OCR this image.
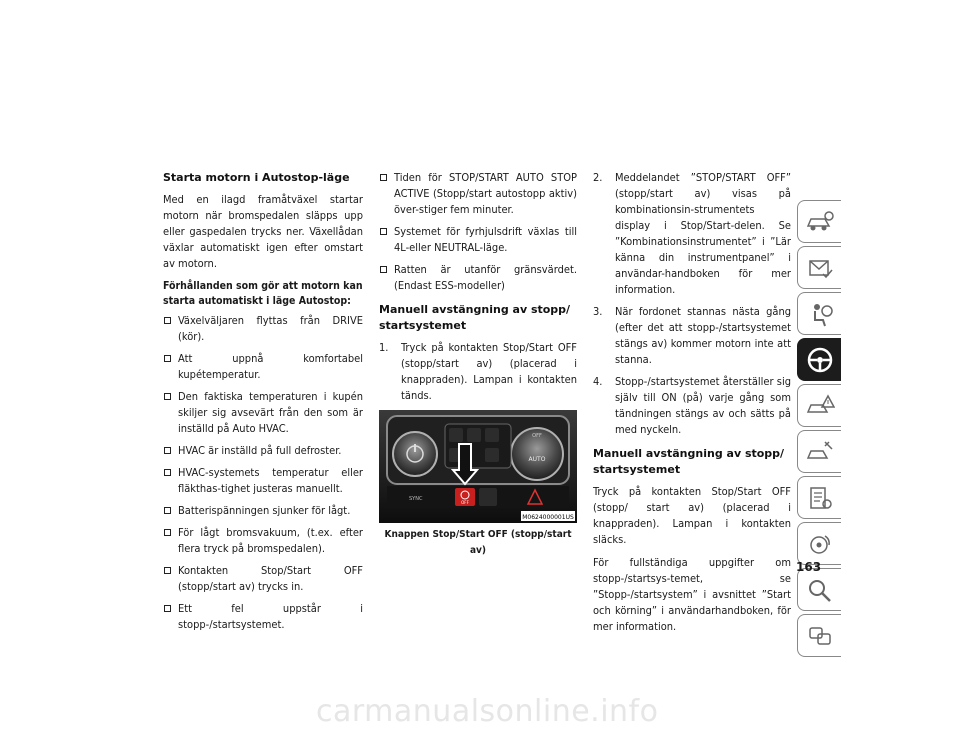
Starta motorn i Autostop-läge

Med en ilagd framåtväxel startar motorn när bromspedalen släpps upp eller gaspedalen trycks ner. Växellådan växlar automatiskt igen efter omstart av motorn.

Förhållanden som gör att motorn kan starta automatiskt i läge Autostop:
Växelväljaren flyttas från DRIVE (kör).
Att uppnå komfortabel kupétemperatur.
Den faktiska temperaturen i kupén skiljer sig avsevärt från den som är inställd på Auto HVAC.
HVAC är inställd på full defroster.
HVAC-systemets temperatur eller fläkthas-tighet justeras manuellt.
Batterispänningen sjunker för lågt.
För lågt bromsvakuum, (t.ex. efter flera tryck på bromspedalen).
Kontakten Stop/Start OFF (stopp/start av) trycks in.
Ett fel uppstår i stopp-/startsystemet.
Tiden för STOP/START AUTO STOP ACTIVE (Stopp/start autostopp aktiv) över-stiger fem minuter.
Systemet för fyrhjulsdrift växlas till 4L-eller NEUTRAL-läge.
Ratten är utanför gränsvärdet. (Endast ESS-modeller)
Manuell avstängning av stopp/ startsystemet
1. Tryck på kontakten Stop/Start OFF (stopp/start av) (placerad i knappraden). Lampan i kontakten tänds.
AUTO
OFF
SYNC
OFF
M0624000001US
Knappen Stop/Start OFF (stopp/start av)
2. Meddelandet ”STOP/START OFF” (stopp/start av) visas på kombinationsin-strumentets display i Stop/Start-delen. Se ”Kombinationsinstrumentet” i ”Lär känna din instrumentpanel” i användar-handboken för mer information.
3. När fordonet stannas nästa gång (efter det att stopp-/startsystemet stängs av) kommer motorn inte att stanna.
4. Stopp-/startsystemet återställer sig själv till ON (på) varje gång som tändningen stängs av och sätts på med nyckeln.
Manuell avstängning av stopp/ startsystemet

Tryck på kontakten Stop/Start OFF (stopp/ start av) (placerad i knappraden). Lampan i kontakten släcks.

För fullständiga uppgifter om stopp-/startsys-temet, se ”Stopp-/startsystem” i avsnittet ”Start och körning” i användarhandboken, för mer information.

163
carmanualsonline.info
